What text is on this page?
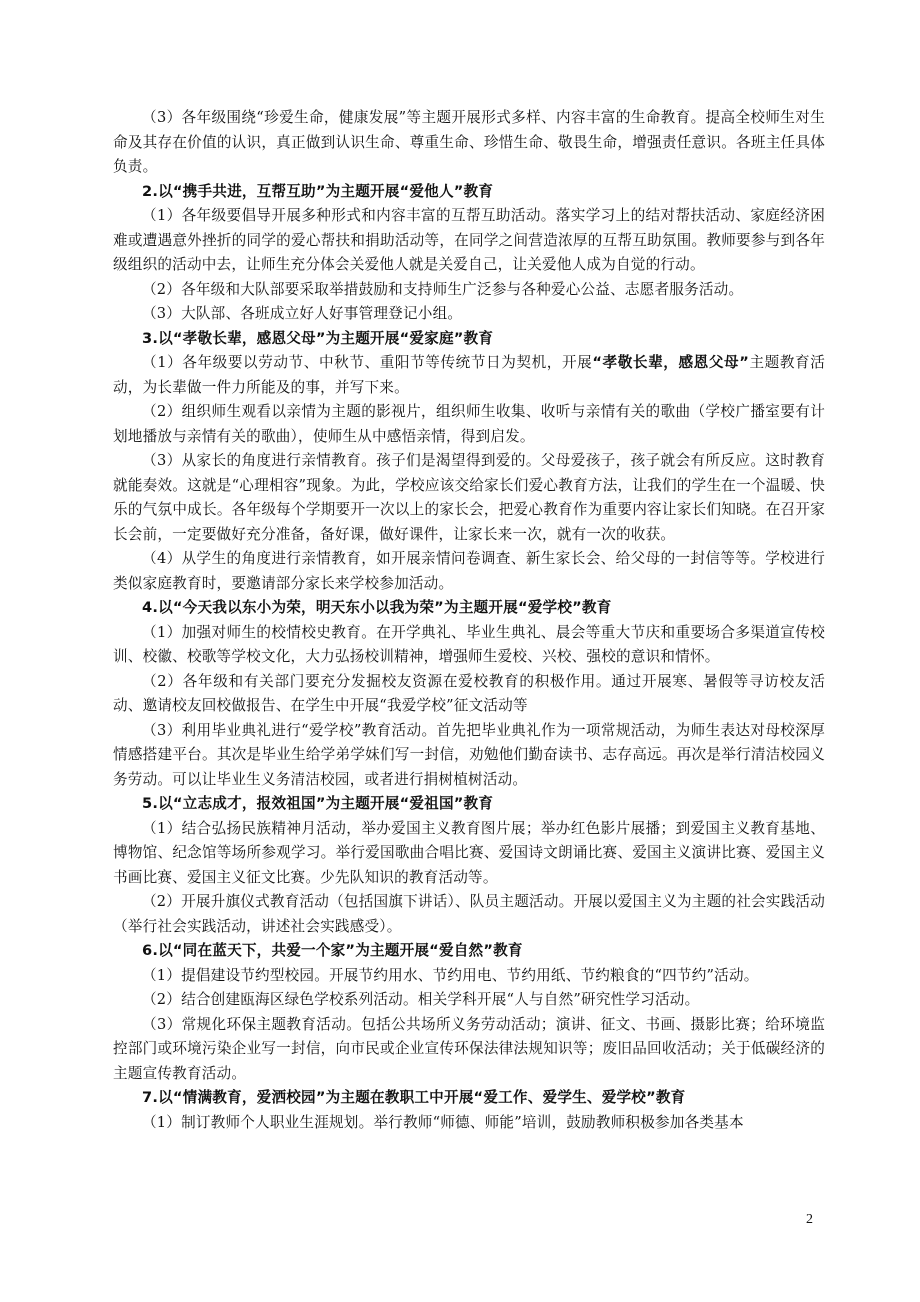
（3）各年级围绕“珍爱生命，健康发展”等主题开展形式多样、内容丰富的生命教育。提高全校师生对生命及其存在价值的认识，真正做到认识生命、尊重生命、珍惜生命、敬畏生命，增强责任意识。各班主任具体负责。

2.以“携手共进，互帮互助”为主题开展“爱他人”教育

（1）各年级要倡导开展多种形式和内容丰富的互帮互助活动。落实学习上的结对帮扶活动、家庭经济困难或遭遇意外挫折的同学的爱心帮扶和捐助活动等，在同学之间营造浓厚的互帮互助氛围。教师要参与到各年级组织的活动中去，让师生充分体会关爱他人就是关爱自己，让关爱他人成为自觉的行动。

（2）各年级和大队部要采取举措鼓励和支持师生广泛参与各种爱心公益、志愿者服务活动。

（3）大队部、各班成立好人好事管理登记小组。

3.以“孝敬长辈，感恩父母”为主题开展“爱家庭”教育

（1）各年级要以劳动节、中秋节、重阳节等传统节日为契机，开展“孝敬长辈，感恩父母”主题教育活动，为长辈做一件力所能及的事，并写下来。

（2）组织师生观看以亲情为主题的影视片，组织师生收集、收听与亲情有关的歌曲（学校广播室要有计划地播放与亲情有关的歌曲），使师生从中感悟亲情，得到启发。

（3）从家长的角度进行亲情教育。孩子们是渴望得到爱的。父母爱孩子，孩子就会有所反应。这时教育就能奏效。这就是“心理相容”现象。为此，学校应该交给家长们爱心教育方法，让我们的学生在一个温暖、快乐的气氛中成长。各年级每个学期要开一次以上的家长会，把爱心教育作为重要内容让家长们知晓。在召开家长会前，一定要做好充分准备，备好课，做好课件，让家长来一次，就有一次的收获。

（4）从学生的角度进行亲情教育，如开展亲情问卷调查、新生家长会、给父母的一封信等等。学校进行类似家庭教育时，要邀请部分家长来学校参加活动。

4.以“今天我以东小为荣，明天东小以我为荣”为主题开展“爱学校”教育

（1）加强对师生的校情校史教育。在开学典礼、毕业生典礼、晨会等重大节庆和重要场合多渠道宣传校训、校徽、校歌等学校文化，大力弘扬校训精神，增强师生爱校、兴校、强校的意识和情怀。

（2）各年级和有关部门要充分发掘校友资源在爱校教育的积极作用。通过开展寒、暑假等寻访校友活动、邀请校友回校做报告、在学生中开展“我爱学校”征文活动等

（3）利用毕业典礼进行“爱学校”教育活动。首先把毕业典礼作为一项常规活动，为师生表达对母校深厚情感搭建平台。其次是毕业生给学弟学妹们写一封信，劝勉他们勤奋读书、志存高远。再次是举行清洁校园义务劳动。可以让毕业生义务清洁校园，或者进行捐树植树活动。

5.以“立志成才，报效祖国”为主题开展“爱祖国”教育

（1）结合弘扬民族精神月活动，举办爱国主义教育图片展；举办红色影片展播；到爱国主义教育基地、博物馆、纪念馆等场所参观学习。举行爱国歌曲合唱比赛、爱国诗文朗诵比赛、爱国主义演讲比赛、爱国主义书画比赛、爱国主义征文比赛。少先队知识的教育活动等。

（2）开展升旗仪式教育活动（包括国旗下讲话）、队员主题活动。开展以爱国主义为主题的社会实践活动（举行社会实践活动，讲述社会实践感受）。

6.以“同在蓝天下，共爱一个家”为主题开展“爱自然”教育

（1）提倡建设节约型校园。开展节约用水、节约用电、节约用纸、节约粮食的“四节约”活动。

（2）结合创建瓯海区绿色学校系列活动。相关学科开展“人与自然”研究性学习活动。

（3）常规化环保主题教育活动。包括公共场所义务劳动活动；演讲、征文、书画、摄影比赛；给环境监控部门或环境污染企业写一封信，向市民或企业宣传环保法律法规知识等；废旧品回收活动；关于低碳经济的主题宣传教育活动。

7.以“情满教育，爱洒校园”为主题在教职工中开展“爱工作、爱学生、爱学校”教育

（1）制订教师个人职业生涯规划。举行教师“师德、师能”培训，鼓励教师积极参加各类基本

2
